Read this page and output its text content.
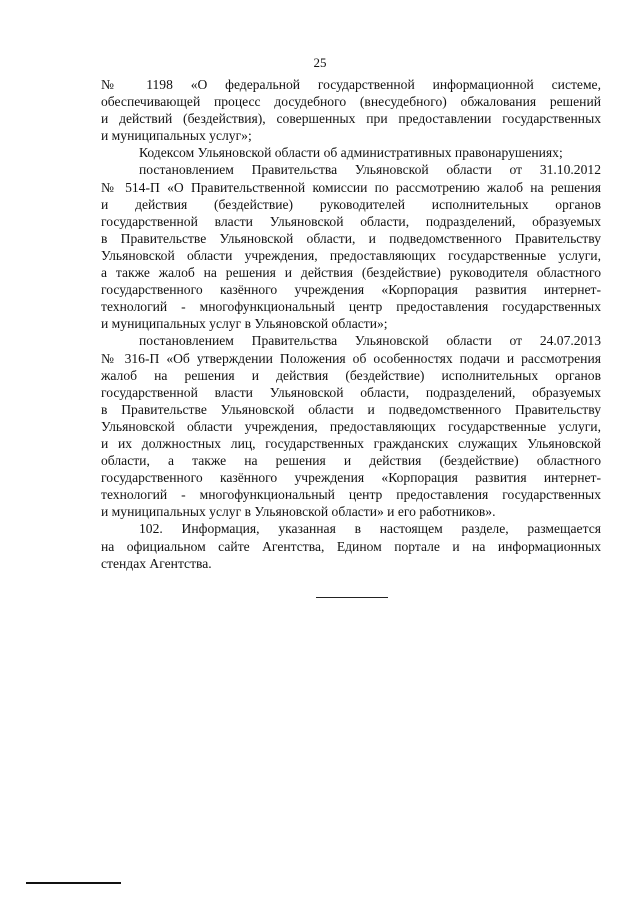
25

№ 1198 «О федеральной государственной информационной системе,

обеспечивающей процесс досудебного (внесудебного) обжалования решений

и действий (бездействия), совершенных при предоставлении государственных

и муниципальных услуг»;

Кодексом Ульяновской области об административных правонарушениях;

постановлением Правительства Ульяновской области от 31.10.2012

№ 514-П «О Правительственной комиссии по рассмотрению жалоб на решения

и действия (бездействие) руководителей исполнительных органов

государственной власти Ульяновской области, подразделений, образуемых

в Правительстве Ульяновской области, и подведомственного Правительству

Ульяновской области учреждения, предоставляющих государственные услуги,

а также жалоб на решения и действия (бездействие) руководителя областного

государственного казённого учреждения «Корпорация развития интернет-

технологий - многофункциональный центр предоставления государственных

и муниципальных услуг в Ульяновской области»;

постановлением Правительства Ульяновской области от 24.07.2013

№ 316-П «Об утверждении Положения об особенностях подачи и рассмотрения

жалоб на решения и действия (бездействие) исполнительных органов

государственной власти Ульяновской области, подразделений, образуемых

в Правительстве Ульяновской области и подведомственного Правительству

Ульяновской области учреждения, предоставляющих государственные услуги,

и их должностных лиц, государственных гражданских служащих Ульяновской

области, а также на решения и действия (бездействие) областного

государственного казённого учреждения «Корпорация развития интернет-

технологий - многофункциональный центр предоставления государственных

и муниципальных услуг в Ульяновской области» и его работников».

102. Информация, указанная в настоящем разделе, размещается

на официальном сайте Агентства, Едином портале и на информационных

стендах Агентства.
